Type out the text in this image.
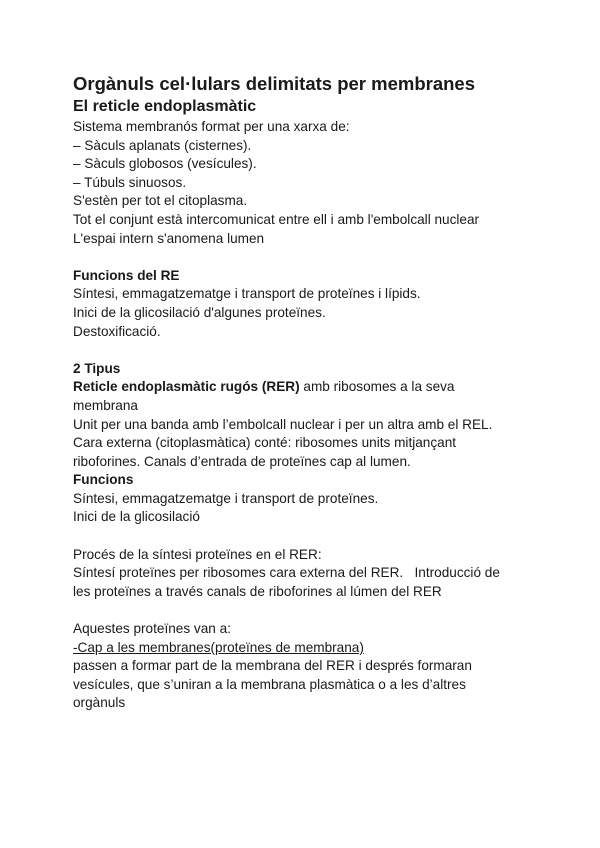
Orgànuls cel·lulars delimitats per membranes

El reticle endoplasmàtic

Sistema membranós format per una xarxa de:

– Sàculs aplanats (cisternes).

– Sàculs globosos (vesícules).

– Túbuls sinuosos.

S'estèn per tot el citoplasma.

Tot el conjunt està intercomunicat entre ell i amb l'embolcall nuclear

L'espai intern s'anomena lumen

Funcions del RE

Síntesi, emmagatzematge i transport de proteïnes i lípids.

Inici de la glicosilació d'algunes proteïnes.

Destoxificació.

2 Tipus

Reticle endoplasmàtic rugós (RER) amb ribosomes a la seva

membrana

Unit per una banda amb l’embolcall nuclear i per un altra amb el REL.

Cara externa (citoplasmàtica) conté: ribosomes units mitjançant

riboforines. Canals d’entrada de proteïnes cap al lumen.

Funcions

Síntesi, emmagatzematge i transport de proteïnes.

Inici de la glicosilació

Procés de la síntesi proteïnes en el RER:

Síntesí proteïnes per ribosomes cara externa del RER.   Introducció de

les proteïnes a través canals de riboforines al lúmen del RER

Aquestes proteïnes van a:

-Cap a les membranes(proteïnes de membrana)

passen a formar part de la membrana del RER i després formaran

vesícules, que s’uniran a la membrana plasmàtica o a les d’altres

orgànuls
